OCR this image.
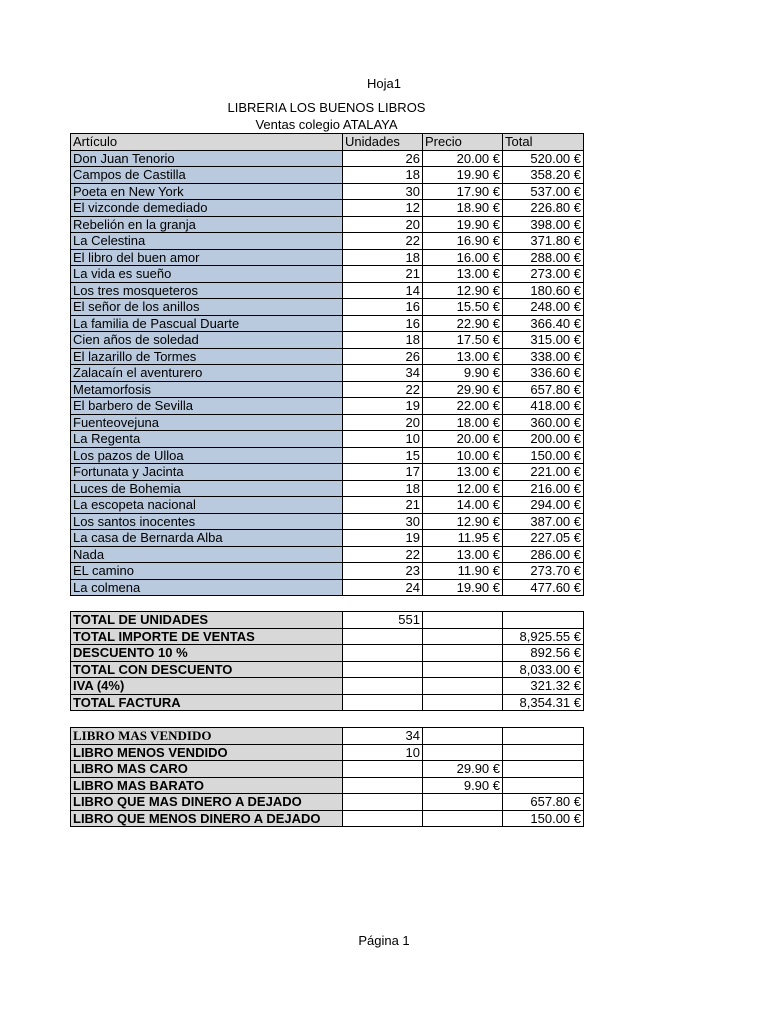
Hoja1
LIBRERIA LOS BUENOS LIBROS
Ventas colegio ATALAYA
Artículo	Unidades	Precio	Total
Don Juan Tenorio	26	20.00 €	520.00 €
Campos de Castilla	18	19.90 €	358.20 €
Poeta en New York	30	17.90 €	537.00 €
El vizconde demediado	12	18.90 €	226.80 €
Rebelión en la granja	20	19.90 €	398.00 €
La Celestina	22	16.90 €	371.80 €
El libro del buen amor	18	16.00 €	288.00 €
La vida es sueño	21	13.00 €	273.00 €
Los tres mosqueteros	14	12.90 €	180.60 €
El señor de los anillos	16	15.50 €	248.00 €
La familia de Pascual Duarte	16	22.90 €	366.40 €
Cien años de soledad	18	17.50 €	315.00 €
El lazarillo de Tormes	26	13.00 €	338.00 €
Zalacaín el aventurero	34	9.90 €	336.60 €
Metamorfosis	22	29.90 €	657.80 €
El barbero de Sevilla	19	22.00 €	418.00 €
Fuenteovejuna	20	18.00 €	360.00 €
La Regenta	10	20.00 €	200.00 €
Los pazos de Ulloa	15	10.00 €	150.00 €
Fortunata y Jacinta	17	13.00 €	221.00 €
Luces de Bohemia	18	12.00 €	216.00 €
La escopeta nacional	21	14.00 €	294.00 €
Los santos inocentes	30	12.90 €	387.00 €
La casa de Bernarda Alba	19	11.95 €	227.05 €
Nada	22	13.00 €	286.00 €
EL camino	23	11.90 €	273.70 €
La colmena	24	19.90 €	477.60 €
TOTAL DE UNIDADES	551		
TOTAL IMPORTE DE VENTAS			8,925.55 €
DESCUENTO 10 %			892.56 €
TOTAL CON DESCUENTO			8,033.00 €
IVA (4%)			321.32 €
TOTAL FACTURA			8,354.31 €
LIBRO MAS VENDIDO	34		
LIBRO MENOS VENDIDO	10		
LIBRO MAS CARO		29.90 €	
LIBRO MAS BARATO		9.90 €	
LIBRO QUE MAS DINERO A DEJADO			657.80 €
LIBRO QUE MENOS DINERO A DEJADO			150.00 €
Página 1
